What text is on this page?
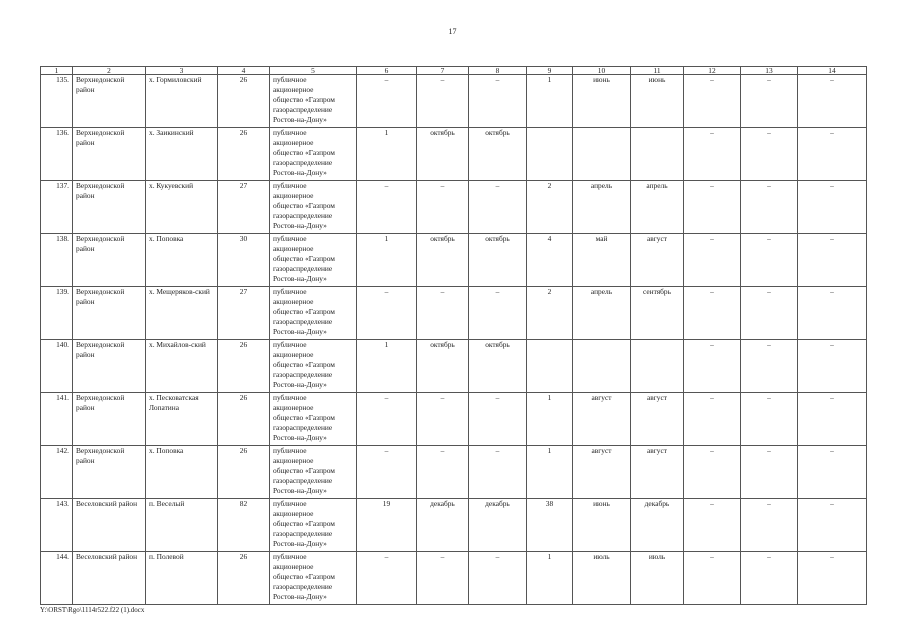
17
1	2	3	4	5	6	7	8	9	10	11	12	13	14
135.	Верхнедонской район	х. Гормиловский	26	публичное
акционерное
общество «Газпром
газораспределение
Ростов-на-Дону»	–	–	–	1	июнь	июнь	–	–	–
136.	Верхнедонской район	х. Заикинский	26	публичное
акционерное
общество «Газпром
газораспределение
Ростов-на-Дону»	1	октябрь	октябрь				–	–	–
137.	Верхнедонской район	х. Кукуевский	27	публичное
акционерное
общество «Газпром
газораспределение
Ростов-на-Дону»	–	–	–	2	апрель	апрель	–	–	–
138.	Верхнедонской район	х. Поповка	30	публичное
акционерное
общество «Газпром
газораспределение
Ростов-на-Дону»	1	октябрь	октябрь	4	май	август	–	–	–
139.	Верхнедонской район	х. Мещеряков-ский	27	публичное
акционерное
общество «Газпром
газораспределение
Ростов-на-Дону»	–	–	–	2	апрель	сентябрь	–	–	–
140.	Верхнедонской район	х. Михайлов-ский	26	публичное
акционерное
общество «Газпром
газораспределение
Ростов-на-Дону»	1	октябрь	октябрь				–	–	–
141.	Верхнедонской район	х. Песковатская Лопатина	26	публичное
акционерное
общество «Газпром
газораспределение
Ростов-на-Дону»	–	–	–	1	август	август	–	–	–
142.	Верхнедонской район	х. Поповка	26	публичное
акционерное
общество «Газпром
газораспределение
Ростов-на-Дону»	–	–	–	1	август	август	–	–	–
143.	Веселовский район	п. Веселый	82	публичное
акционерное
общество «Газпром
газораспределение
Ростов-на-Дону»	19	декабрь	декабрь	38	июнь	декабрь	–	–	–
144.	Веселовский район	п. Полевой	26	публичное
акционерное
общество «Газпром
газораспределение
Ростов-на-Дону»	–	–	–	1	июль	июль	–	–	–
Y:\ORST\Rgo\1114r522.f22 (1).docx
